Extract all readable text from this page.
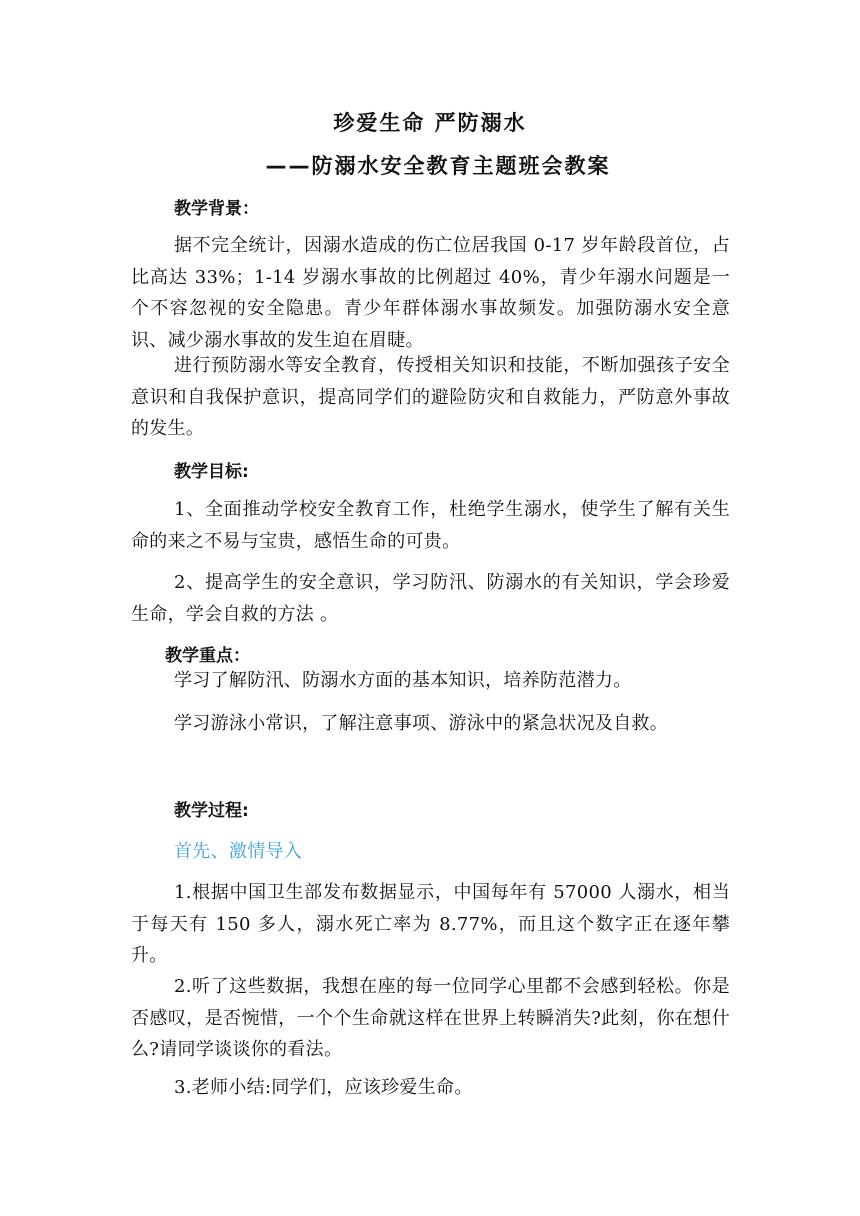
珍爱生命 严防溺水
——防溺水安全教育主题班会教案
教学背景：
据不完全统计，因溺水造成的伤亡位居我国 0-17 岁年龄段首位，占比高达 33%；1-14 岁溺水事故的比例超过 40%，青少年溺水问题是一个不容忽视的安全隐患。青少年群体溺水事故频发。加强防溺水安全意识、减少溺水事故的发生迫在眉睫。
进行预防溺水等安全教育，传授相关知识和技能，不断加强孩子安全意识和自我保护意识，提高同学们的避险防灾和自救能力，严防意外事故的发生。
教学目标:
1、全面推动学校安全教育工作，杜绝学生溺水，使学生了解有关生命的来之不易与宝贵，感悟生命的可贵。
2、提高学生的安全意识，学习防汛、防溺水的有关知识，学会珍爱生命，学会自救的方法 。
教学重点：
学习了解防汛、防溺水方面的基本知识，培养防范潜力。
学习游泳小常识，了解注意事项、游泳中的紧急状况及自救。
教学过程:
首先、激情导入
1.根据中国卫生部发布数据显示，中国每年有 57000 人溺水，相当于每天有 150 多人，溺水死亡率为 8.77%，而且这个数字正在逐年攀升。
2.听了这些数据，我想在座的每一位同学心里都不会感到轻松。你是否感叹，是否惋惜，一个个生命就这样在世界上转瞬消失?此刻，你在想什么?请同学谈谈你的看法。
3.老师小结:同学们，应该珍爱生命。
